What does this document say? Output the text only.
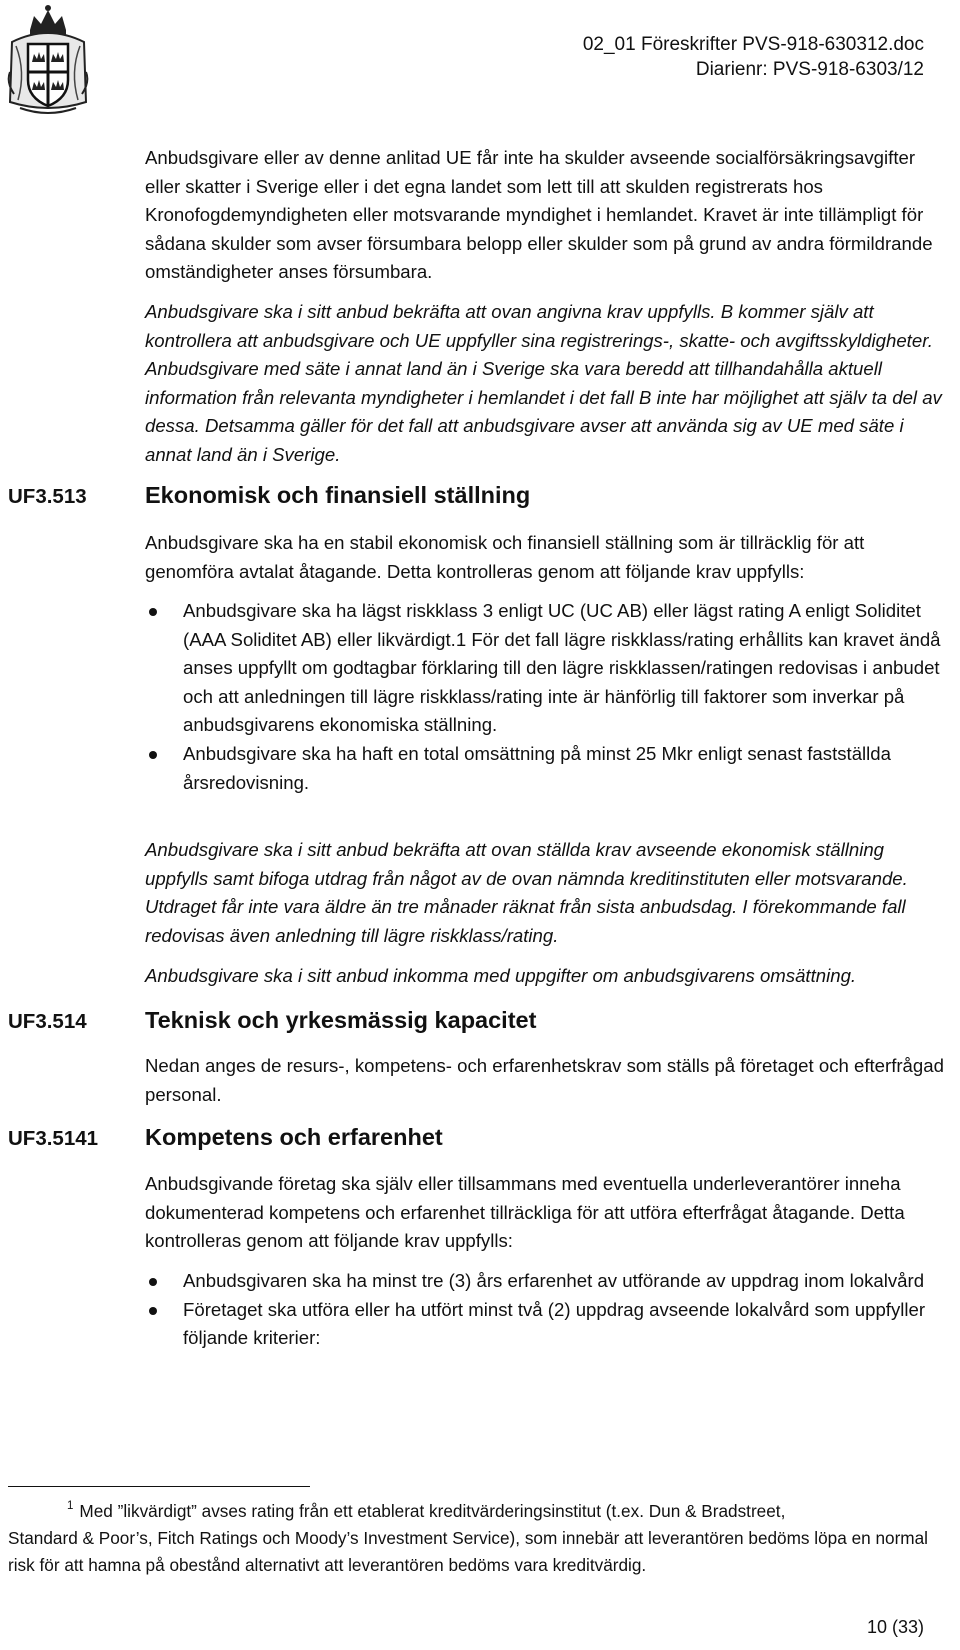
02_01 Föreskrifter PVS-918-630312.doc
Diarienr: PVS-918-6303/12
Anbudsgivare eller av denne anlitad UE får inte ha skulder avseende socialförsäkringsavgifter eller skatter i Sverige eller i det egna landet som lett till att skulden registrerats hos Kronofogdemyndigheten eller motsvarande myndighet i hemlandet. Kravet är inte tillämpligt för sådana skulder som avser försumbara belopp eller skulder som på grund av andra förmildrande omständigheter anses försumbara.
Anbudsgivare ska i sitt anbud bekräfta att ovan angivna krav uppfylls. B kommer själv att kontrollera att anbudsgivare och UE uppfyller sina registrerings-, skatte- och avgiftsskyldigheter. Anbudsgivare med säte i annat land än i Sverige ska vara beredd att tillhandahålla aktuell information från relevanta myndigheter i hemlandet i det fall B inte har möjlighet att själv ta del av dessa. Detsamma gäller för det fall att anbudsgivare avser att använda sig av UE med säte i annat land än i Sverige.
UF3.513 Ekonomisk och finansiell ställning
Anbudsgivare ska ha en stabil ekonomisk och finansiell ställning som är tillräcklig för att genomföra avtalat åtagande. Detta kontrolleras genom att följande krav uppfylls:
Anbudsgivare ska ha lägst riskklass 3 enligt UC (UC AB) eller lägst rating A enligt Soliditet (AAA Soliditet AB) eller likvärdigt.1 För det fall lägre riskklass/rating erhållits kan kravet ändå anses uppfyllt om godtagbar förklaring till den lägre riskklassen/ratingen redovisas i anbudet och att anledningen till lägre riskklass/rating inte är hänförlig till faktorer som inverkar på anbudsgivarens ekonomiska ställning.
Anbudsgivare ska ha haft en total omsättning på minst 25 Mkr enligt senast fastställda årsredovisning.
Anbudsgivare ska i sitt anbud bekräfta att ovan ställda krav avseende ekonomisk ställning uppfylls samt bifoga utdrag från något av de ovan nämnda kreditinstituten eller motsvarande. Utdraget får inte vara äldre än tre månader räknat från sista anbudsdag. I förekommande fall redovisas även anledning till lägre riskklass/rating.
Anbudsgivare ska i sitt anbud inkomma med uppgifter om anbudsgivarens omsättning.
UF3.514 Teknisk och yrkesmässig kapacitet
Nedan anges de resurs-, kompetens- och erfarenhetskrav som ställs på företaget och efterfrågad personal.
UF3.5141 Kompetens och erfarenhet
Anbudsgivande företag ska själv eller tillsammans med eventuella underleverantörer inneha dokumenterad kompetens och erfarenhet tillräckliga för att utföra efterfrågat åtagande. Detta kontrolleras genom att följande krav uppfylls:
Anbudsgivaren ska ha minst tre (3) års erfarenhet av utförande av uppdrag inom lokalvård
Företaget ska utföra eller ha utfört minst två (2) uppdrag avseende lokalvård som uppfyller följande kriterier:
$^1$ Med ”likvärdigt” avses rating från ett etablerat kreditvärderingsinstitut (t.ex. Dun & Bradstreet,
Standard & Poor’s, Fitch Ratings och Moody’s Investment Service), som innebär att leverantören bedöms löpa en normal risk för att hamna på obestånd alternativt att leverantören bedöms vara kreditvärdig.
10 (33)
